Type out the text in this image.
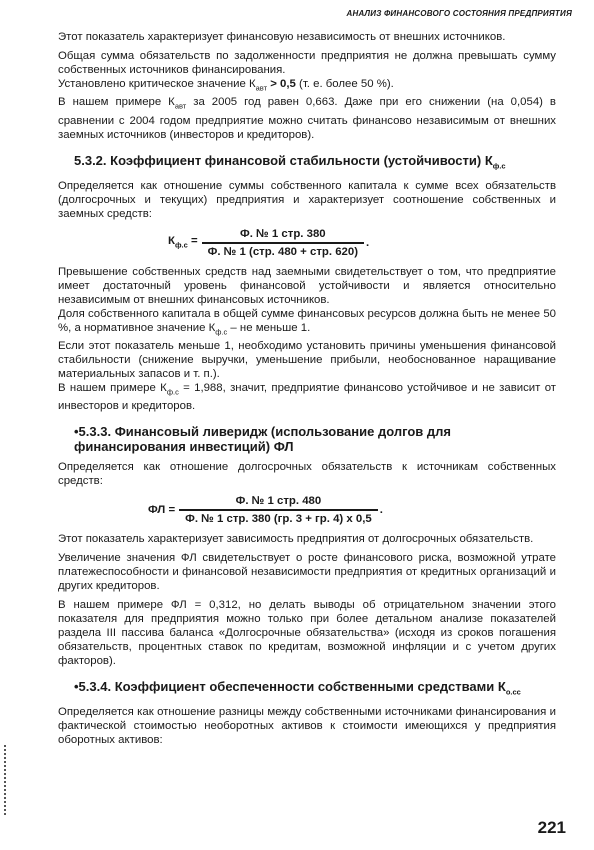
АНАЛИЗ ФИНАНСОВОГО СОСТОЯНИЯ ПРЕДПРИЯТИЯ

Этот показатель характеризует финансовую независимость от внешних источников.

Общая сумма обязательств по задолженности предприятия не должна превышать сумму собственных источников финансирования.

Установлено критическое значение $К_{авт} > 0,5$ (т. е. более 50 %).

В нашем примере $К_{авт}$ за 2005 год равен 0,663. Даже при его снижении (на 0,054) в сравнении с 2004 годом предприятие можно считать финансово независимым от внешних заемных источников (инвесторов и кредиторов).

5.3.2. Коэффициент финансовой стабильности (устойчивости) $К_{ф.с}$

Определяется как отношение суммы собственного капитала к сумме всех обязательств (долгосрочных и текущих) предприятия и характеризует соотношение собственных и заемных средств:

$К_{ф.с} = \frac{\text{Ф. № 1 стр. 380}}{\text{Ф. № 1 (стр. 480 + стр. 620)}}$ .

Превышение собственных средств над заемными свидетельствует о том, что предприятие имеет достаточный уровень финансовой устойчивости и является относительно независимым от внешних финансовых источников.

Доля собственного капитала в общей сумме финансовых ресурсов должна быть не менее 50 %, а нормативное значение $К_{ф.с}$ – не меньше 1.

Если этот показатель меньше 1, необходимо установить причины уменьшения финансовой стабильности (снижение выручки, уменьшение прибыли, необоснованное наращивание материальных запасов и т. п.).

В нашем примере $К_{ф.с} = 1,988$, значит, предприятие финансово устойчивое и не зависит от инвесторов и кредиторов.

•5.3.3. Финансовый ливеридж (использование долгов для финансирования инвестиций) ФЛ

Определяется как отношение долгосрочных обязательств к источникам собственных средств:

ФЛ = $\frac{\text{Ф. № 1 стр. 480}}{\text{Ф. № 1 стр. 380 (гр. 3 + гр. 4) х 0,5}}$ .

Этот показатель характеризует зависимость предприятия от долгосрочных обязательств.

Увеличение значения ФЛ свидетельствует о росте финансового риска, возможной утрате платежеспособности и финансовой независимости предприятия от кредитных организаций и других кредиторов.

В нашем примере ФЛ = 0,312, но делать выводы об отрицательном значении этого показателя для предприятия можно только при более детальном анализе показателей раздела III пассива баланса «Долгосрочные обязательства» (исходя из сроков погашения обязательств, процентных ставок по кредитам, возможной инфляции и с учетом других факторов).

•5.3.4. Коэффициент обеспеченности собственными средствами $К_{о.сс}$

Определяется как отношение разницы между собственными источниками финансирования и фактической стоимостью необоротных активов к стоимости имеющихся у предприятия оборотных активов:

221
